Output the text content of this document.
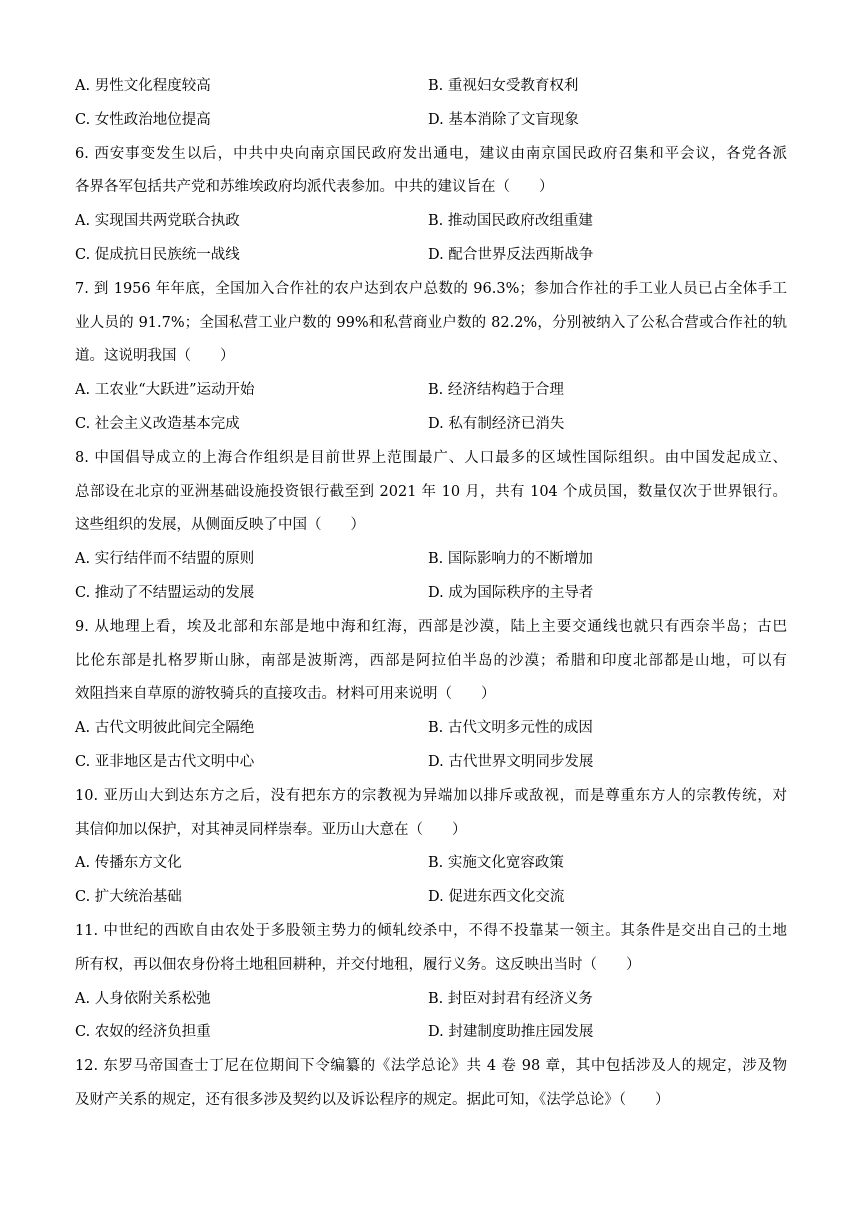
A. 男性文化程度较高	B. 重视妇女受教育权利
C. 女性政治地位提高	D. 基本消除了文盲现象
6. 西安事变发生以后，中共中央向南京国民政府发出通电，建议由南京国民政府召集和平会议，各党各派
各界各军包括共产党和苏维埃政府均派代表参加。中共的建议旨在（　　）
A. 实现国共两党联合执政	B. 推动国民政府改组重建
C. 促成抗日民族统一战线	D. 配合世界反法西斯战争
7. 到 1956 年年底，全国加入合作社的农户达到农户总数的 96.3%；参加合作社的手工业人员已占全体手工
业人员的 91.7%；全国私营工业户数的 99%和私营商业户数的 82.2%，分别被纳入了公私合营或合作社的轨
道。这说明我国（　　）
A. 工农业“大跃进”运动开始	B. 经济结构趋于合理
C. 社会主义改造基本完成	D. 私有制经济已消失
8. 中国倡导成立的上海合作组织是目前世界上范围最广、人口最多的区域性国际组织。由中国发起成立、
总部设在北京的亚洲基础设施投资银行截至到 2021 年 10 月，共有 104 个成员国，数量仅次于世界银行。
这些组织的发展，从侧面反映了中国（　　）
A. 实行结伴而不结盟的原则	B. 国际影响力的不断增加
C. 推动了不结盟运动的发展	D. 成为国际秩序的主导者
9. 从地理上看，埃及北部和东部是地中海和红海，西部是沙漠，陆上主要交通线也就只有西奈半岛；古巴
比伦东部是扎格罗斯山脉，南部是波斯湾，西部是阿拉伯半岛的沙漠；希腊和印度北部都是山地，可以有
效阻挡来自草原的游牧骑兵的直接攻击。材料可用来说明（　　）
A. 古代文明彼此间完全隔绝	B. 古代文明多元性的成因
C. 亚非地区是古代文明中心	D. 古代世界文明同步发展
10. 亚历山大到达东方之后，没有把东方的宗教视为异端加以排斥或敌视，而是尊重东方人的宗教传统，对
其信仰加以保护，对其神灵同样崇奉。亚历山大意在（　　）
A. 传播东方文化	B. 实施文化宽容政策
C. 扩大统治基础	D. 促进东西文化交流
11. 中世纪的西欧自由农处于多股领主势力的倾轧绞杀中，不得不投靠某一领主。其条件是交出自己的土地
所有权，再以佃农身份将土地租回耕种，并交付地租，履行义务。这反映出当时（　　）
A. 人身依附关系松弛	B. 封臣对封君有经济义务
C. 农奴的经济负担重	D. 封建制度助推庄园发展
12. 东罗马帝国查士丁尼在位期间下令编纂的《法学总论》共 4 卷 98 章，其中包括涉及人的规定，涉及物
及财产关系的规定，还有很多涉及契约以及诉讼程序的规定。据此可知，《法学总论》（　　）
